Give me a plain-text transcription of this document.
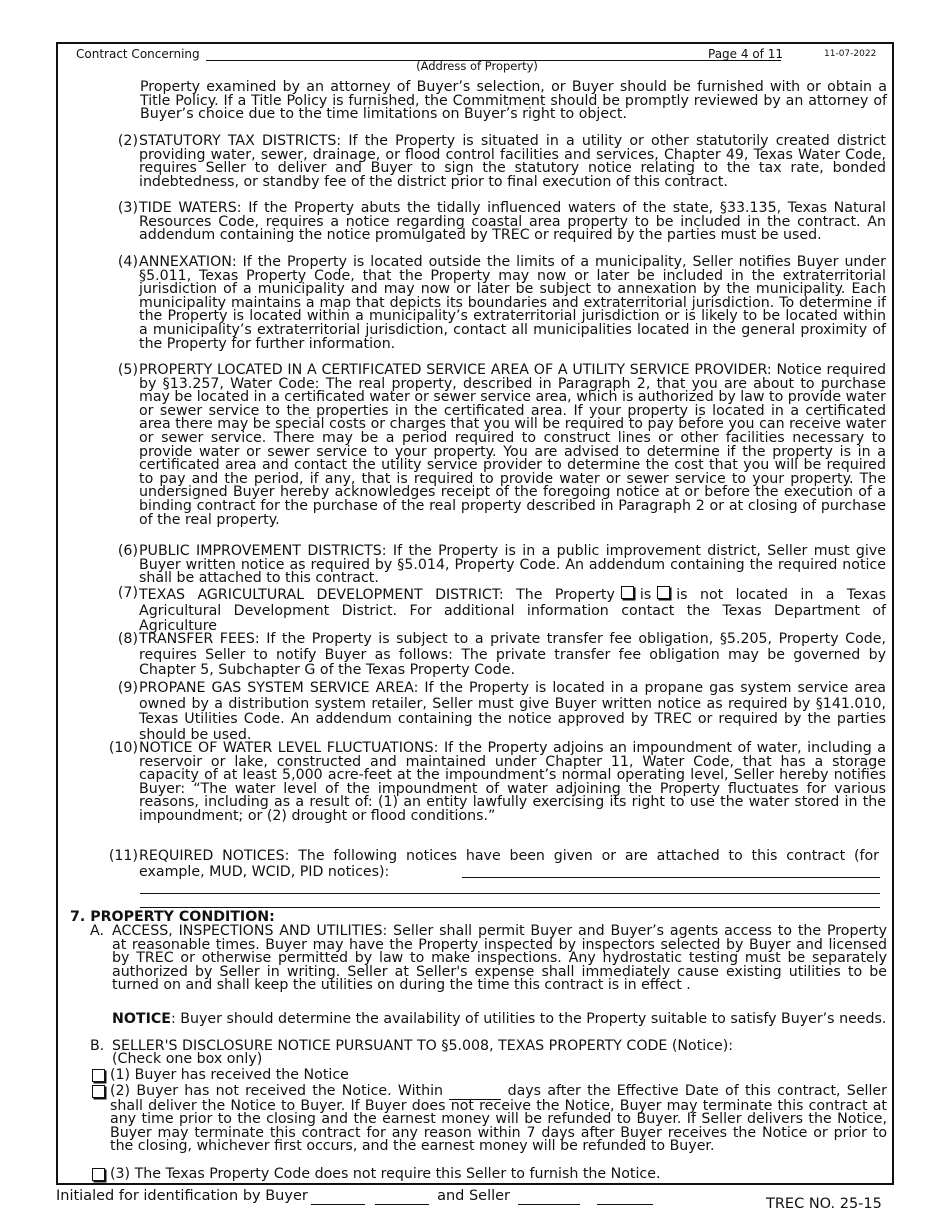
Contract Concerning	Page 4 of 11	11-07-2022
(Address of Property)
Property examined by an attorney of Buyer’s selection, or Buyer should be furnished with or obtain a Title Policy. If a Title Policy is furnished, the Commitment should be promptly reviewed by an attorney of Buyer’s choice due to the time limitations on Buyer’s right to object.
(2) STATUTORY TAX DISTRICTS: If the Property is situated in a utility or other statutorily created district providing water, sewer, drainage, or flood control facilities and services, Chapter 49, Texas Water Code, requires Seller to deliver and Buyer to sign the statutory notice relating to the tax rate, bonded indebtedness, or standby fee of the district prior to final execution of this contract.
(3) TIDE WATERS: If the Property abuts the tidally influenced waters of the state, §33.135, Texas Natural Resources Code, requires a notice regarding coastal area property to be included in the contract. An addendum containing the notice promulgated by TREC or required by the parties must be used.
(4) ANNEXATION: If the Property is located outside the limits of a municipality, Seller notifies Buyer under §5.011, Texas Property Code, that the Property may now or later be included in the extraterritorial jurisdiction of a municipality and may now or later be subject to annexation by the municipality. Each municipality maintains a map that depicts its boundaries and extraterritorial jurisdiction. To determine if the Property is located within a municipality’s extraterritorial jurisdiction or is likely to be located within a municipality’s extraterritorial jurisdiction, contact all municipalities located in the general proximity of the Property for further information.
(5) PROPERTY LOCATED IN A CERTIFICATED SERVICE AREA OF A UTILITY SERVICE PROVIDER: Notice required by §13.257, Water Code: The real property, described in Paragraph 2, that you are about to purchase may be located in a certificated water or sewer service area, which is authorized by law to provide water or sewer service to the properties in the certificated area. If your property is located in a certificated area there may be special costs or charges that you will be required to pay before you can receive water or sewer service. There may be a period required to construct lines or other facilities necessary to provide water or sewer service to your property. You are advised to determine if the property is in a certificated area and contact the utility service provider to determine the cost that you will be required to pay and the period, if any, that is required to provide water or sewer service to your property. The undersigned Buyer hereby acknowledges receipt of the foregoing notice at or before the execution of a binding contract for the purchase of the real property described in Paragraph 2 or at closing of purchase of the real property.
(6) PUBLIC IMPROVEMENT DISTRICTS: If the Property is in a public improvement district, Seller must give Buyer written notice as required by §5.014, Property Code. An addendum containing the required notice shall be attached to this contract.
(7) TEXAS AGRICULTURAL DEVELOPMENT DISTRICT: The Property is is not located in a Texas Agricultural Development District. For additional information contact the Texas Department of Agriculture
(8) TRANSFER FEES: If the Property is subject to a private transfer fee obligation, §5.205, Property Code, requires Seller to notify Buyer as follows: The private transfer fee obligation may be governed by Chapter 5, Subchapter G of the Texas Property Code.
(9) PROPANE GAS SYSTEM SERVICE AREA: If the Property is located in a propane gas system service area owned by a distribution system retailer, Seller must give Buyer written notice as required by §141.010, Texas Utilities Code. An addendum containing the notice approved by TREC or required by the parties should be used.
(10) NOTICE OF WATER LEVEL FLUCTUATIONS: If the Property adjoins an impoundment of water, including a reservoir or lake, constructed and maintained under Chapter 11, Water Code, that has a storage capacity of at least 5,000 acre-feet at the impoundment’s normal operating level, Seller hereby notifies Buyer: “The water level of the impoundment of water adjoining the Property fluctuates for various reasons, including as a result of: (1) an entity lawfully exercising its right to use the water stored in the impoundment; or (2) drought or flood conditions.”
(11) REQUIRED NOTICES: The following notices have been given or are attached to this contract (for example, MUD, WCID, PID notices):
7. PROPERTY CONDITION:
A. ACCESS, INSPECTIONS AND UTILITIES: Seller shall permit Buyer and Buyer’s agents access to the Property at reasonable times. Buyer may have the Property inspected by inspectors selected by Buyer and licensed by TREC or otherwise permitted by law to make inspections. Any hydrostatic testing must be separately authorized by Seller in writing. Seller at Seller's expense shall immediately cause existing utilities to be turned on and shall keep the utilities on during the time this contract is in effect .
NOTICE: Buyer should determine the availability of utilities to the Property suitable to satisfy Buyer’s needs.
B. SELLER'S DISCLOSURE NOTICE PURSUANT TO §5.008, TEXAS PROPERTY CODE (Notice):
(Check one box only)
(1) Buyer has received the Notice
(2) Buyer has not received the Notice. Within	days after the Effective Date of this contract, Seller shall deliver the Notice to Buyer. If Buyer does not receive the Notice, Buyer may terminate this contract at any time prior to the closing and the earnest money will be refunded to Buyer. If Seller delivers the Notice, Buyer may terminate this contract for any reason within 7 days after Buyer receives the Notice or prior to the closing, whichever first occurs, and the earnest money will be refunded to Buyer.
(3) The Texas Property Code does not require this Seller to furnish the Notice.
Initialed for identification by Buyer	and Seller	TREC NO. 25-15
